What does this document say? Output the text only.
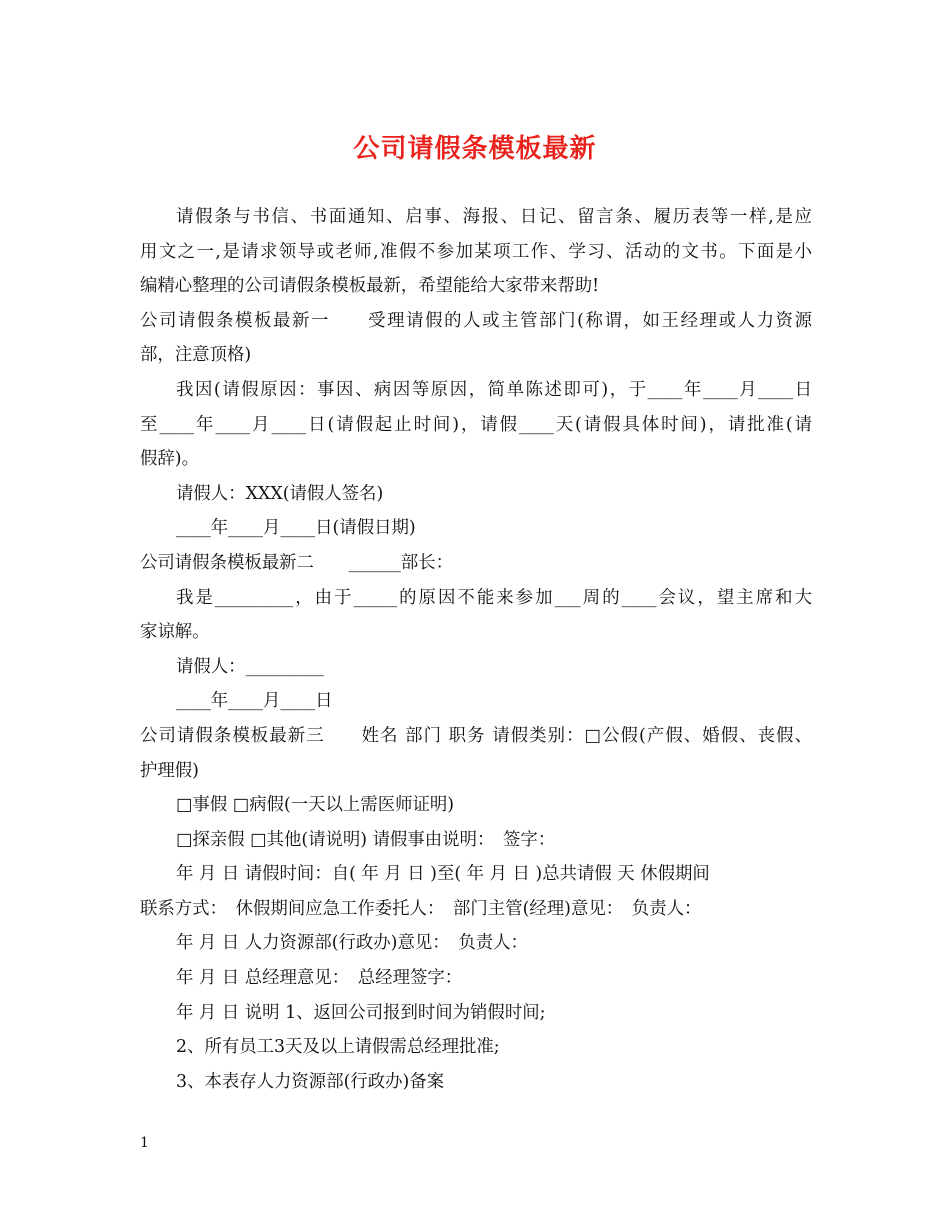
公司请假条模板最新
请假条与书信、书面通知、启事、海报、日记、留言条、履历表等一样,是应
用文之一,是请求领导或老师,准假不参加某项工作、学习、活动的文书。下面是小
编精心整理的公司请假条模板最新，希望能给大家带来帮助!
公司请假条模板最新一　　受理请假的人或主管部门(称谓，如王经理或人力资源
部，注意顶格)
我因(请假原因：事因、病因等原因，简单陈述即可)，于____年____月____日
至____年____月____日(请假起止时间)，请假____天(请假具体时间)，请批准(请
假辞)。
请假人：XXX(请假人签名)
____年____月____日(请假日期)
公司请假条模板最新二　　______部长：
我是_________，由于_____的原因不能来参加___周的____会议，望主席和大
家谅解。
请假人：_________
____年____月____日
公司请假条模板最新三　　姓名 部门 职务 请假类别：□公假(产假、婚假、丧假、
护理假)
□事假 □病假(一天以上需医师证明)
□探亲假 □其他(请说明) 请假事由说明：　签字：
年 月 日 请假时间：自( 年 月 日 )至( 年 月 日 )总共请假 天 休假期间
联系方式：　休假期间应急工作委托人：　部门主管(经理)意见：　负责人：
年 月 日 人力资源部(行政办)意见：　负责人：
年 月 日 总经理意见：　总经理签字：
年 月 日 说明 1、返回公司报到时间为销假时间;
2、所有员工3天及以上请假需总经理批准;
3、本表存人力资源部(行政办)备案
1
